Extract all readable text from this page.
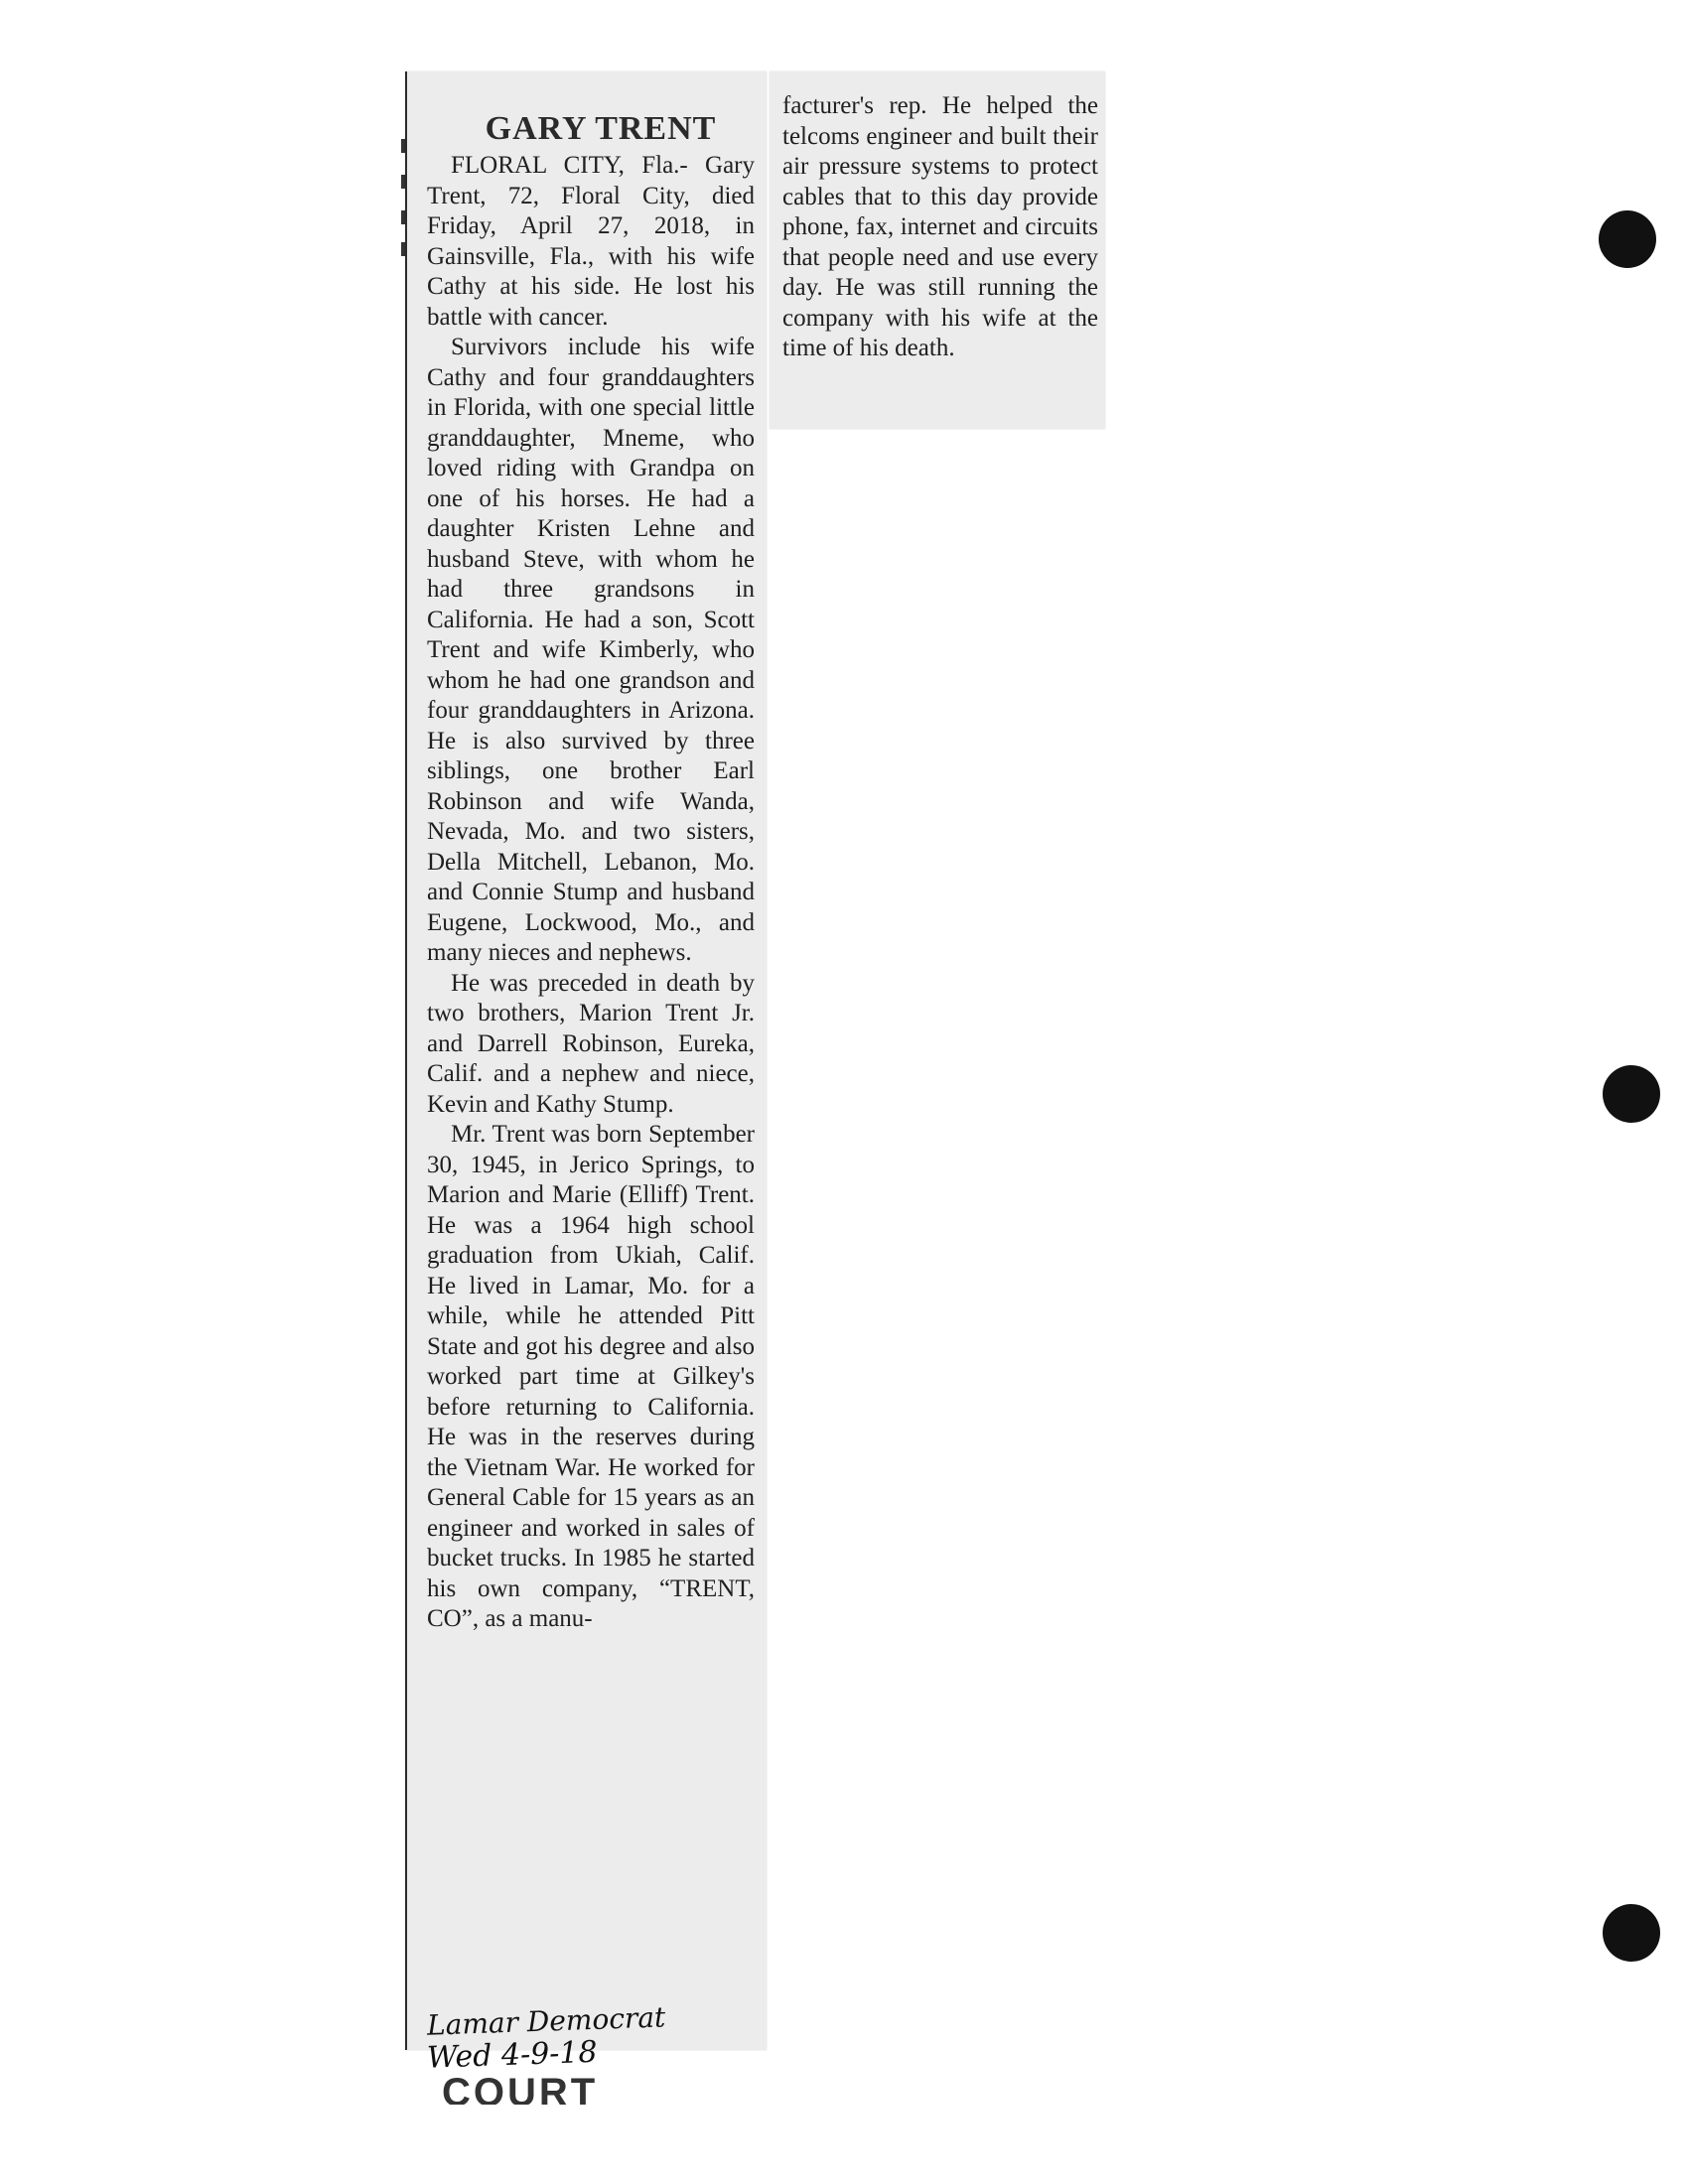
GARY TRENT

FLORAL CITY, Fla.- Gary Trent, 72, Floral City, died Friday, April 27, 2018, in Gainsville, Fla., with his wife Cathy at his side. He lost his battle with cancer.

Survivors include his wife Cathy and four granddaughters in Florida, with one special little granddaughter, Mneme, who loved riding with Grandpa on one of his horses. He had a daughter Kristen Lehne and husband Steve, with whom he had three grandsons in California. He had a son, Scott Trent and wife Kimberly, who whom he had one grandson and four granddaughters in Arizona. He is also survived by three siblings, one brother Earl Robinson and wife Wanda, Nevada, Mo. and two sisters, Della Mitchell, Lebanon, Mo. and Connie Stump and husband Eugene, Lockwood, Mo., and many nieces and nephews.

He was preceded in death by two brothers, Marion Trent Jr. and Darrell Robinson, Eureka, Calif. and a nephew and niece, Kevin and Kathy Stump.

Mr. Trent was born September 30, 1945, in Jerico Springs, to Marion and Marie (Elliff) Trent. He was a 1964 high school graduation from Ukiah, Calif. He lived in Lamar, Mo. for a while, while he attended Pitt State and got his degree and also worked part time at Gilkey's before returning to California. He was in the reserves during the Vietnam War. He worked for General Cable for 15 years as an engineer and worked in sales of bucket trucks. In 1985 he started his own company, “TRENT, CO”, as a manu-

facturer's rep. He helped the telcoms engineer and built their air pressure systems to protect cables that to this day provide phone, fax, internet and circuits that people need and use every day. He was still running the company with his wife at the time of his death.

Lamar Democrat
Wed 4-9-18
COURT
